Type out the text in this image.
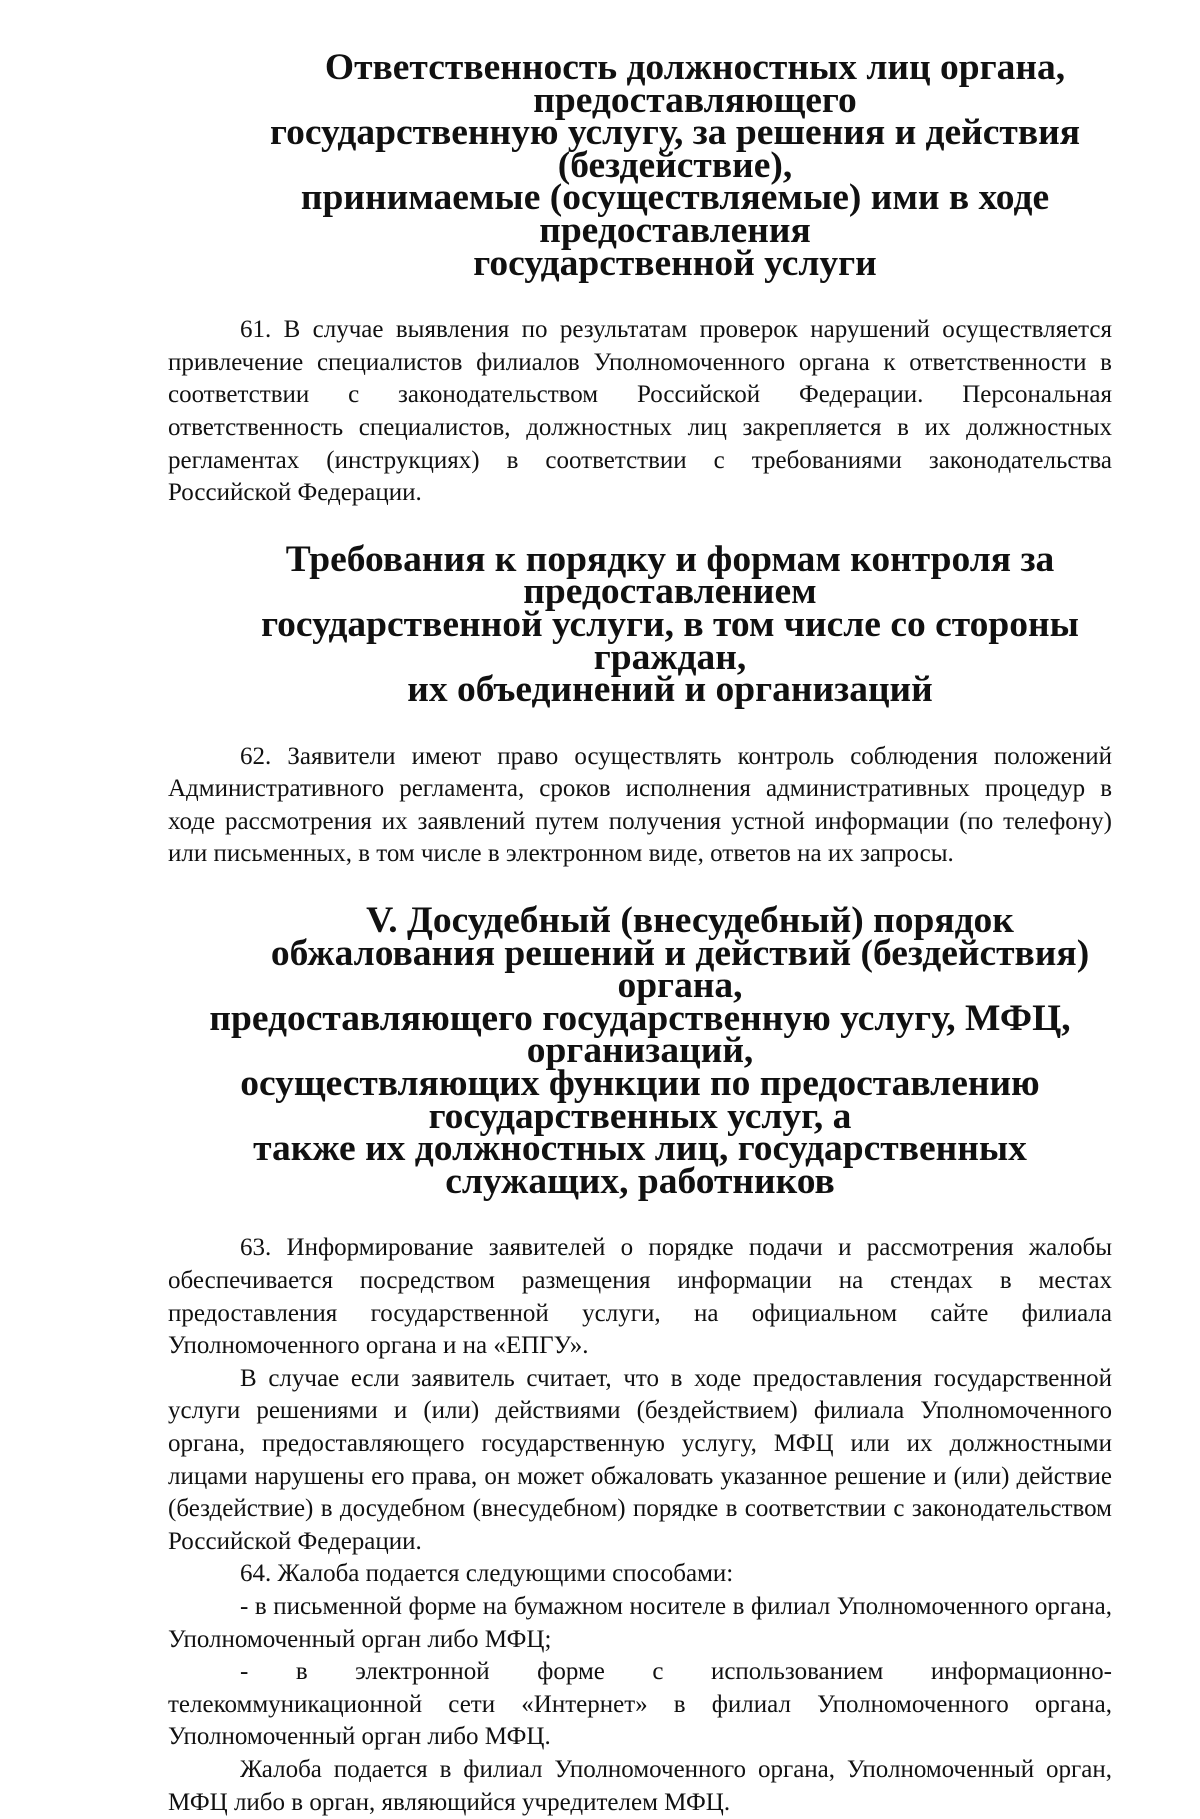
Ответственность должностных лиц органа, предоставляющего
государственную услугу, за решения и действия (бездействие),
принимаемые (осуществляемые) ими в ходе предоставления
государственной услуги

61. В случае выявления по результатам проверок нарушений осуществляется привлечение специалистов филиалов Уполномоченного органа к ответственности в соответствии с законодательством Российской Федерации. Персональная ответственность специалистов, должностных лиц закрепляется в их должностных регламентах (инструкциях) в соответствии с требованиями законодательства Российской Федерации.

Требования к порядку и формам контроля за предоставлением
государственной услуги, в том числе со стороны граждан,
их объединений и организаций

62. Заявители имеют право осуществлять контроль соблюдения положений Административного регламента, сроков исполнения административных процедур в ходе рассмотрения их заявлений путем получения устной информации (по телефону) или письменных, в том числе в электронном виде, ответов на их запросы.

V. Досудебный (внесудебный) порядок
обжалования решений и действий (бездействия) органа,
предоставляющего государственную услугу, МФЦ, организаций,
осуществляющих функции по предоставлению государственных услуг, а
также их должностных лиц, государственных служащих, работников

63. Информирование заявителей о порядке подачи и рассмотрения жалобы обеспечивается посредством размещения информации на стендах в местах предоставления государственной услуги, на официальном сайте филиала Уполномоченного органа и на «ЕПГУ».

В случае если заявитель считает, что в ходе предоставления государственной услуги решениями и (или) действиями (бездействием) филиала Уполномоченного органа, предоставляющего государственную услугу, МФЦ или их должностными лицами нарушены его права, он может обжаловать указанное решение и (или) действие (бездействие) в досудебном (внесудебном) порядке в соответствии с законодательством Российской Федерации.

64. Жалоба подается следующими способами:

- в письменной форме на бумажном носителе в филиал Уполномоченного органа, Уполномоченный орган либо МФЦ;

- в электронной форме с использованием информационно-телекоммуникационной сети «Интернет» в филиал Уполномоченного органа, Уполномоченный орган либо МФЦ.

Жалоба подается в филиал Уполномоченного органа, Уполномоченный орган, МФЦ либо в орган, являющийся учредителем МФЦ.
